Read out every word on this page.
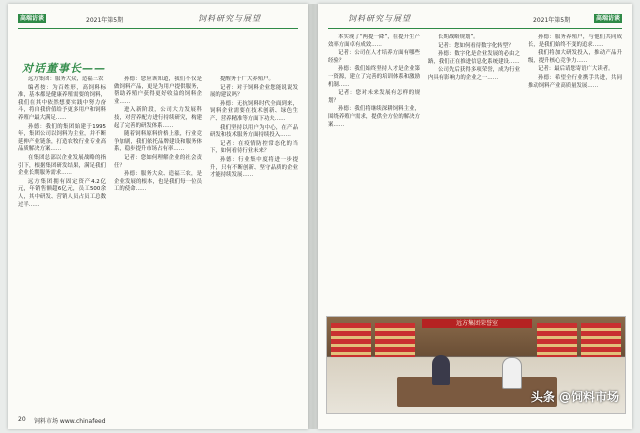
高端访谈	2021年第5期	饲料研究与展望
对话董事长——

远方集团：服务大众，造福三农

编者按：为百姓形，高饲料标准，基本都是健康养殖需要的饲料，我们在其中依然想要实践中努力奋斗，将自我价值给予更多用户和饲料养殖户最大满足……

孙德：我们的集团始建于1995年，集团公司以饲料为主业，并不断延伸产业链条，打造农牧行业专业高品质解决方案……

在集团总部以企业发展战略的指引下，根据集团研发结果，满足我们企业长期服务需求……

远方集团拥有固定资产4.2亿元，年销售额超6亿元，员工500余人，其中研发、营销人员占员工总数过半……

孙德：您应该知道，我们不仅是做饲料产品，更是为用户提供服务，帮助养殖户获得更好收益的饲料企业……

进入新阶段，公司大力发展科技，对营养配方进行持续研究，构建起了完善的研发体系……

随着饲料原料价格上涨，行业竞争加剧，我们依托品牌建设和服务体系，稳步提升市场占有率……

记者：您如何理解企业的社会责任？

孙德：服务大众、造福三农，是企业发展的根本，也是我们每一位员工的使命……

提醒务于广大养殖户。

记者：对于饲料企业您能说说发展的建议吗？

孙德：无抗饲料时代全面到来，饲料企业需要在技术创新、绿色生产、营养精准等方面下功夫……

我们坚持以用户为中心，在产品研发和技术服务方面持续投入……

记者：在疫情防控常态化的当下，如何看待行业未来？

孙德：行业集中度将进一步提升，只有不断创新、坚守品质的企业才能持续发展……

20 饲料市场 www.chinafeed
饲料研究与展望	2021年第5期	高端访谈

本实现了“两提一降”，在提升生产效率方面卓有成效……

记者：公司在人才培养方面有哪些经验？

孙德：我们始终坚持人才是企业第一资源，建立了完善的培训体系和激励机制……

记者：您对未来发展有怎样的规划？

孙德：我们将继续深耕饲料主业，围绕养殖户需求，提供全方位的解决方案……

长期战略规划”。

记者：您如何看待数字化转型？

孙德：数字化是企业发展的必由之路，我们正在推进信息化系统建设……

公司先后获得多项荣誉，成为行业内具有影响力的企业之一……

孙德：服务养殖户，与他们共同成长，是我们始终不变的追求……

我们将加大研发投入，推动产品升级，提升核心竞争力……

记者：最后请您寄语广大读者。

孙德：希望全行业携手共进，共同推动饲料产业高质量发展……

远方集团荣誉室
头条 @饲料市场
